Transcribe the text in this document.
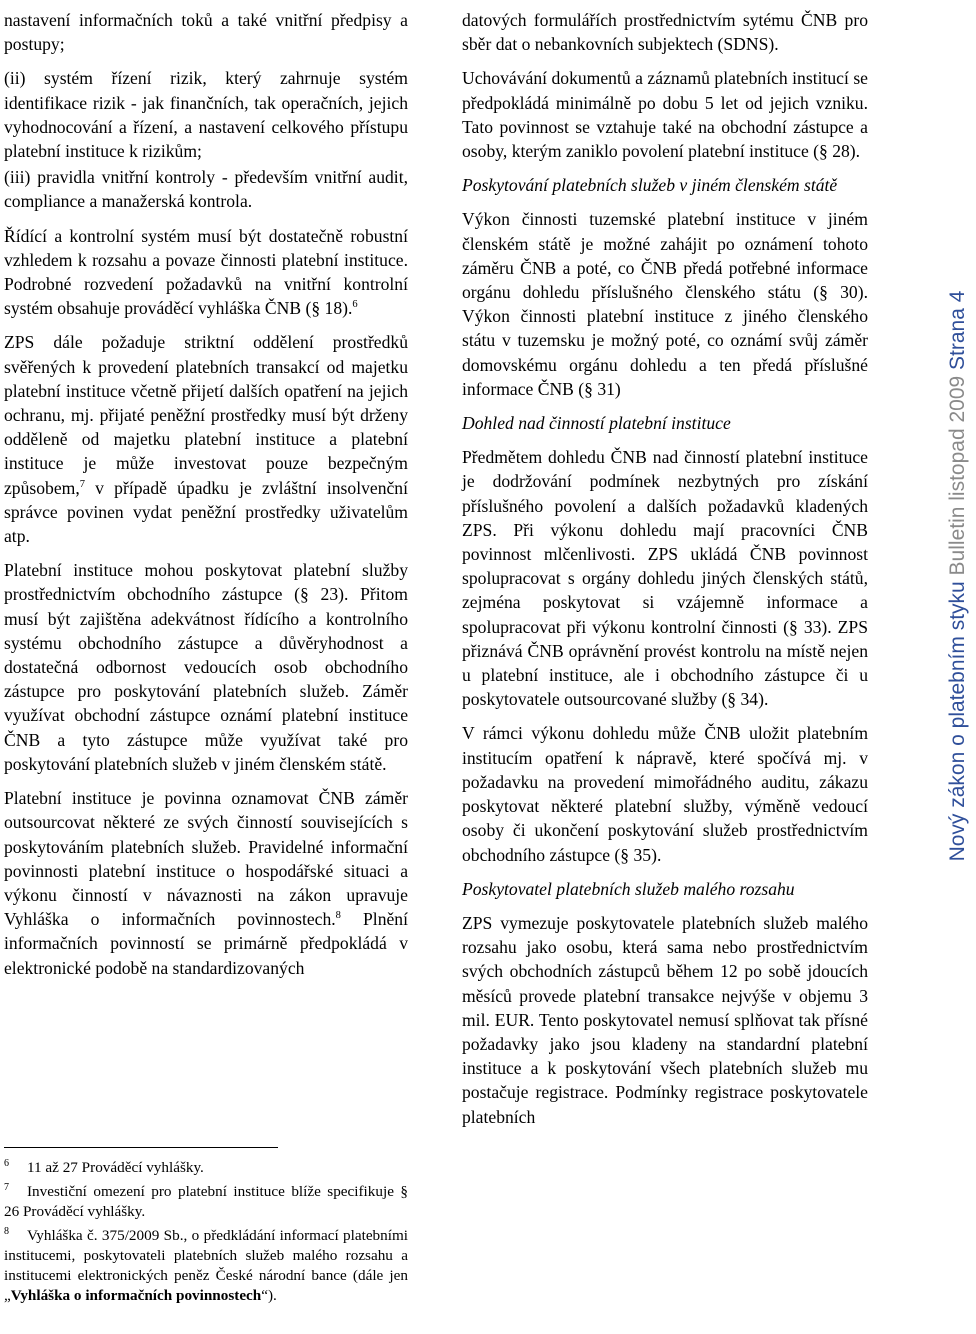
nastavení informačních toků a také vnitřní předpisy a postupy;

(ii) systém řízení rizik, který zahrnuje systém identifikace rizik - jak finančních, tak operačních, jejich vyhodnocování a řízení, a nastavení celkového přístupu platební instituce k rizikům;

(iii) pravidla vnitřní kontroly - především vnitřní audit, compliance a manažerská kontrola.

Řídící a kontrolní systém musí být dostatečně robustní vzhledem k rozsahu a povaze činnosti platební instituce. Podrobné rozvedení požadavků na vnitřní kontrolní systém obsahuje prováděcí vyhláška ČNB (§ 18).$^6$

ZPS dále požaduje striktní oddělení prostředků svěřených k provedení platebních transakcí od majetku platební instituce včetně přijetí dalších opatření na jejich ochranu, mj. přijaté peněžní prostředky musí být drženy odděleně od majetku platební instituce a platební instituce je může investovat pouze bezpečným způsobem,$^7$ v případě úpadku je zvláštní insolvenční správce povinen vydat peněžní prostředky uživatelům atp.

Platební instituce mohou poskytovat platební služby prostřednictvím obchodního zástupce (§ 23). Přitom musí být zajištěna adekvátnost řídícího a kontrolního systému obchodního zástupce a důvěryhodnost a dostatečná odbornost vedoucích osob obchodního zástupce pro poskytování platebních služeb. Záměr využívat obchodní zástupce oznámí platební instituce ČNB a tyto zástupce může využívat také pro poskytování platebních služeb v jiném členském státě.

Platební instituce je povinna oznamovat ČNB záměr outsourcovat některé ze svých činností souvisejících s poskytováním platebních služeb. Pravidelné informační povinnosti platební instituce o hospodářské situaci a výkonu činností v návaznosti na zákon upravuje Vyhláška o informačních povinnostech.$^8$ Plnění informačních povinností se primárně předpokládá v elektronické podobě na standardizovaných

$^6$ 11 až 27 Prováděcí vyhlášky.

$^7$ Investiční omezení pro platební instituce blíže specifikuje § 26 Prováděcí vyhlášky.

$^8$ Vyhláška č. 375/2009 Sb., o předkládání informací platebními institucemi, poskytovateli platebních služeb malého rozsahu a institucemi elektronických peněz České národní bance (dále jen „Vyhláška o informačních povinnostech“).

datových formulářích prostřednictvím sytému ČNB pro sběr dat o nebankovních subjektech (SDNS).

Uchovávání dokumentů a záznamů platebních institucí se předpokládá minimálně po dobu 5 let od jejich vzniku. Tato povinnost se vztahuje také na obchodní zástupce a osoby, kterým zaniklo povolení platební instituce (§ 28).

Poskytování platebních služeb v jiném členském státě

Výkon činnosti tuzemské platební instituce v jiném členském státě je možné zahájit po oznámení tohoto záměru ČNB a poté, co ČNB předá potřebné informace orgánu dohledu příslušného členského státu (§ 30). Výkon činnosti platební instituce z jiného členského státu v tuzemsku je možný poté, co oznámí svůj záměr domovskému orgánu dohledu a ten předá příslušné informace ČNB (§ 31)

Dohled nad činností platební instituce

Předmětem dohledu ČNB nad činností platební instituce je dodržování podmínek nezbytných pro získání příslušného povolení a dalších požadavků kladených ZPS. Při výkonu dohledu mají pracovníci ČNB povinnost mlčenlivosti. ZPS ukládá ČNB povinnost spolupracovat s orgány dohledu jiných členských států, zejména poskytovat si vzájemně informace a spolupracovat při výkonu kontrolní činnosti (§ 33). ZPS přiznává ČNB oprávnění provést kontrolu na místě nejen u platební instituce, ale i obchodního zástupce či u poskytovatele outsourcované služby (§ 34).

V rámci výkonu dohledu může ČNB uložit platebním institucím opatření k nápravě, které spočívá mj. v požadavku na provedení mimořádného auditu, zákazu poskytovat některé platební služby, výměně vedoucí osoby či ukončení poskytování služeb prostřednictvím obchodního zástupce (§ 35).

Poskytovatel platebních služeb malého rozsahu

ZPS vymezuje poskytovatele platebních služeb malého rozsahu jako osobu, která sama nebo prostřednictvím svých obchodních zástupců během 12 po sobě jdoucích měsíců provede platební transakce nejvýše v objemu 3 mil. EUR. Tento poskytovatel nemusí splňovat tak přísné požadavky jako jsou kladeny na standardní platební instituce a k poskytování všech platebních služeb mu postačuje registrace. Podmínky registrace poskytovatele platebních

Nový zákon o platebním styku Bulletin listopad 2009 Strana 4
